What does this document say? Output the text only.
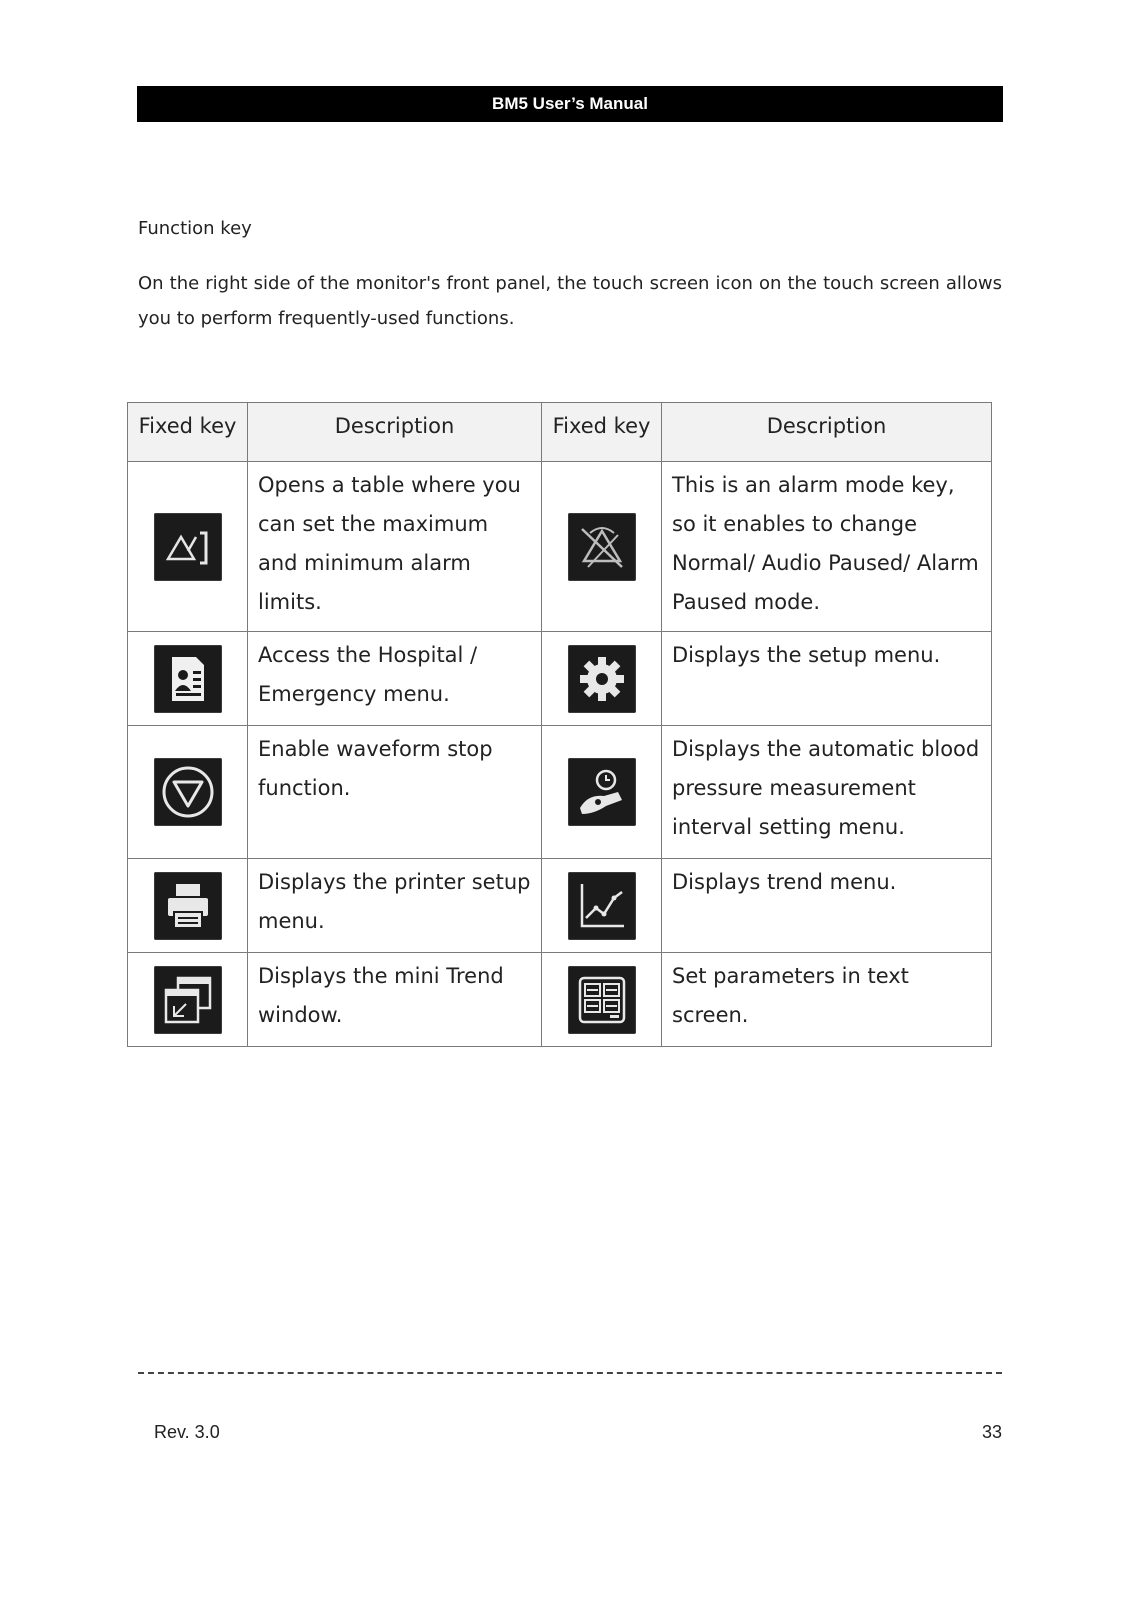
BM5 User’s Manual
Function key
On the right side of the monitor's front panel, the touch screen icon on the touch screen allows you to perform frequently-used functions.
Fixed key	Description	Fixed key	Description

	Opens a table where you can set the maximum and minimum alarm limits.		This is an alarm mode key, so it enables to change Normal/ Audio Paused/ Alarm Paused mode.

	Access the Hospital / Emergency menu.		Displays the setup menu.

	Enable waveform stop function.		Displays the automatic blood pressure measurement interval setting menu.

	Displays the printer setup menu.		Displays trend menu.

	Displays the mini Trend window.		Set parameters in text screen.
Rev. 3.0	33
